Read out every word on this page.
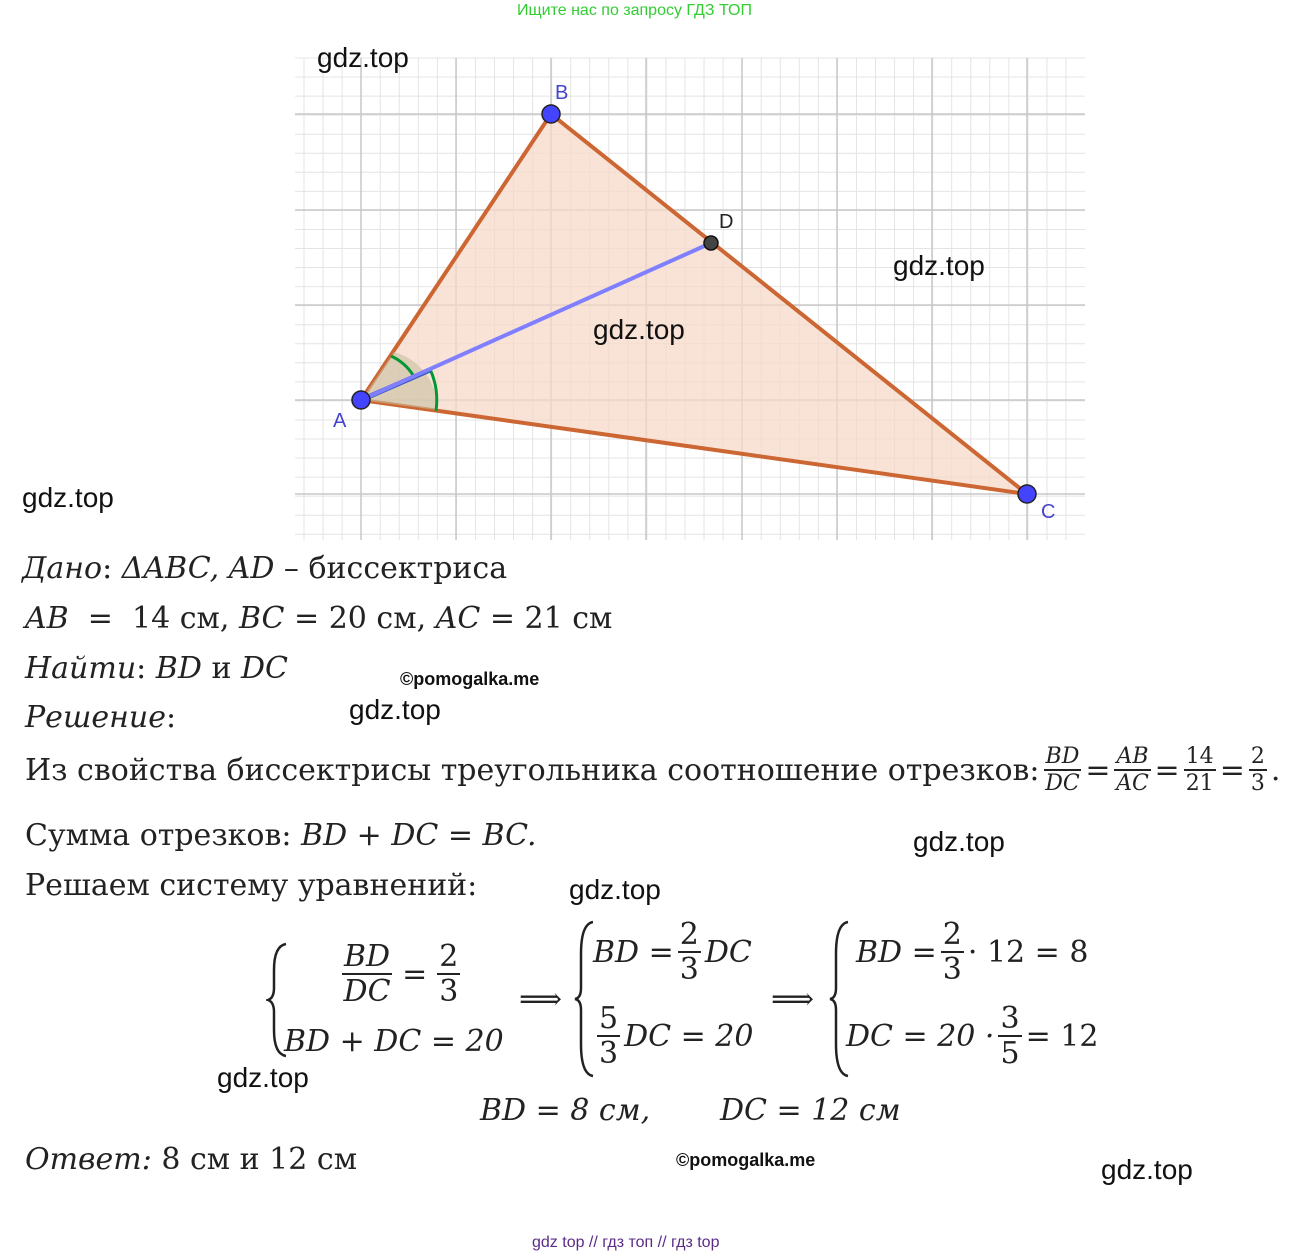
Ищите нас по запросу ГДЗ ТОП
A
B
C
D
gdz.top
gdz.top
gdz.top
gdz.top
gdz.top
gdz.top
gdz.top
gdz.top
gdz.top
©pomogalka.me
©pomogalka.me
Дано: ΔABC, AD – биссектриса
AB  =  14 см, BC = 20 см, AC = 21 см
Найти: BD и DC
Решение:
Из свойства биссектрисы треугольника соотношение отрезков: $\frac{BD}{DC} = \frac{AB}{AC} = \frac{14}{21} = \frac{2}{3}$ .
Сумма отрезков: BD + DC = BC.
Решаем систему уравнений:
$\frac{BD}{DC} = \frac{2}{3}$
BD + DC = 20
⟹
BD = $\frac{2}{3}$ DC
5
3 DC = 20
⟹
BD = $\frac{2}{3} \cdot 12 = 8$
DC = $20 \cdot \frac{3}{5} = 12$
BD = 8 см, DC = 12 см
Ответ: 8 см и 12 см
gdz top // гдз топ // гдз top
